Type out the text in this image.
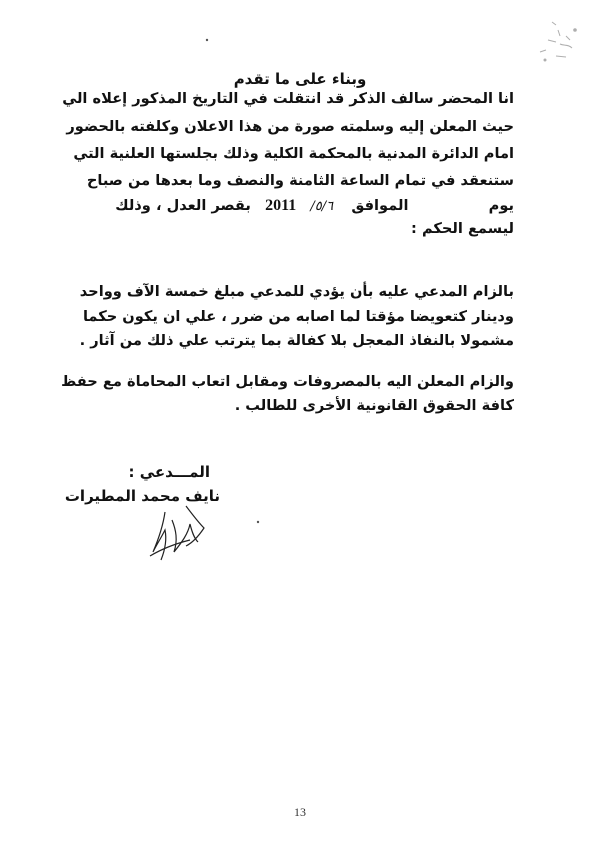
وبناء على ما تقدم
انا المحضر سالف الذكر قد انتقلت في التاريخ المذكور إعلاه الي
حيث المعلن إليه وسلمته صورة من هذا الاعلان وكلفته بالحضور
امام الدائرة المدنية بالمحكمة الكلية وذلك بجلستها العلنية التي
ستنعقد في تمام الساعة الثامنة والنصف وما بعدها من صباح
يوم  الموافق  ٥/٦/  2011  بقصر العدل ، وذلك
ليسمع الحكم :
بالزام المدعي عليه بأن يؤدي للمدعي مبلغ خمسة الآف وواحد
ودينار كتعويضا مؤقتا لما اصابه من ضرر ، علي ان يكون حكما
مشمولا بالنفاذ المعجل بلا كفالة بما يترتب علي ذلك من آثار .
والزام المعلن اليه بالمصروفات ومقابل اتعاب المحاماة مع حفظ
كافة الحقوق القانونية الأخرى للطالب .
المـــدعي :
نايف محمد المطيرات
13
